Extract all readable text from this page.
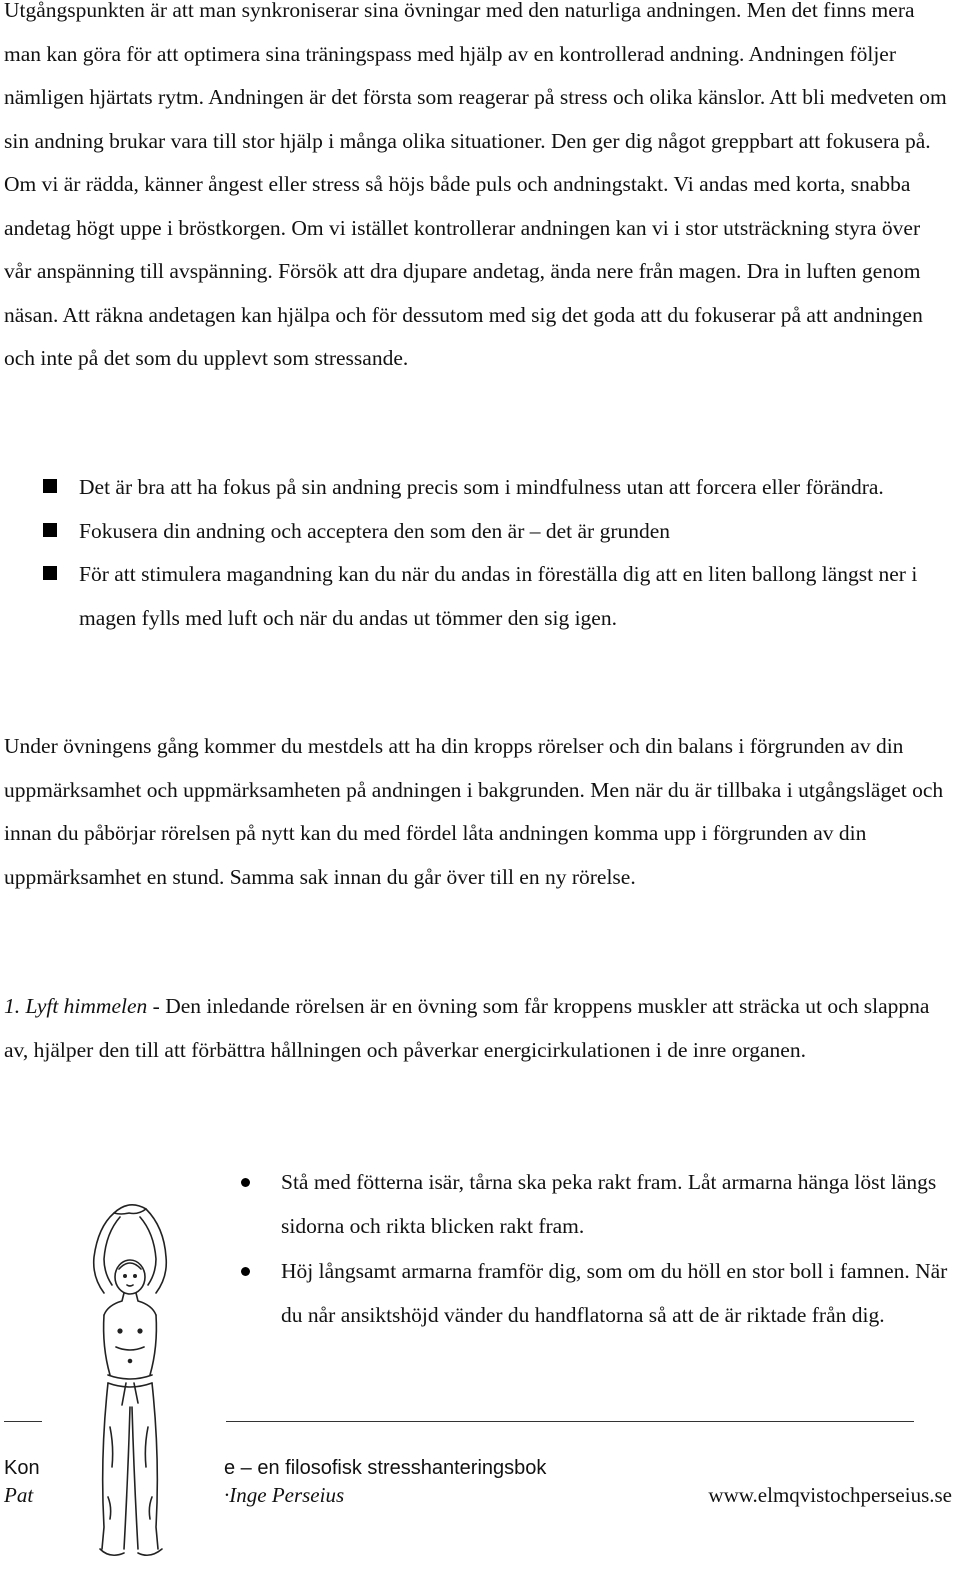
Utgångspunkten är att man synkroniserar sina övningar med den naturliga andningen. Men det finns mera man kan göra för att optimera sina träningspass med hjälp av en kontrollerad andning. Andningen följer nämligen hjärtats rytm. Andningen är det första som reagerar på stress och olika känslor. Att bli medveten om sin andning brukar vara till stor hjälp i många olika situationer. Den ger dig något greppbart att fokusera på. Om vi är rädda, känner ångest eller stress så höjs både puls och andningstakt. Vi andas med korta, snabba andetag högt uppe i bröstkorgen. Om vi istället kontrollerar andningen kan vi i stor utsträckning styra över vår anspänning till avspänning. Försök att dra djupare andetag, ända nere från magen. Dra in luften genom näsan. Att räkna andetagen kan hjälpa och för dessutom med sig det goda att du fokuserar på att andningen och inte på det som du upplevt som stressande.

Det är bra att ha fokus på sin andning precis som i mindfulness utan att forcera eller förändra.
Fokusera din andning och acceptera den som den är – det är grunden
För att stimulera magandning kan du när du andas in föreställa dig att en liten ballong längst ner i magen fylls med luft och när du andas ut tömmer den sig igen.

Under övningens gång kommer du mestdels att ha din kropps rörelser och din balans i förgrunden av din uppmärksamhet och uppmärksamheten på andningen i bakgrunden. Men när du är tillbaka i utgångsläget och innan du påbörjar rörelsen på nytt kan du med fördel låta andningen komma upp i förgrunden av din uppmärksamhet en stund. Samma sak innan du går över till en ny rörelse.

1. Lyft himmelen - Den inledande rörelsen är en övning som får kroppens muskler att sträcka ut och slappna av, hjälper den till att förbättra hållningen och påverkar energicirkulationen i de inre organen.

Stå med fötterna isär, tårna ska peka rakt fram. Låt armarna hänga löst längs sidorna och rikta blicken rakt fram.
Höj långsamt armarna framför dig, som om du höll en stor boll i famnen. När du når ansiktshöjd vänder du handflatorna så att de är riktade från dig.
Kon	e – en filosofisk stresshanteringsbok
Pat	·Inge Perseius	www.elmqvistochperseius.se
